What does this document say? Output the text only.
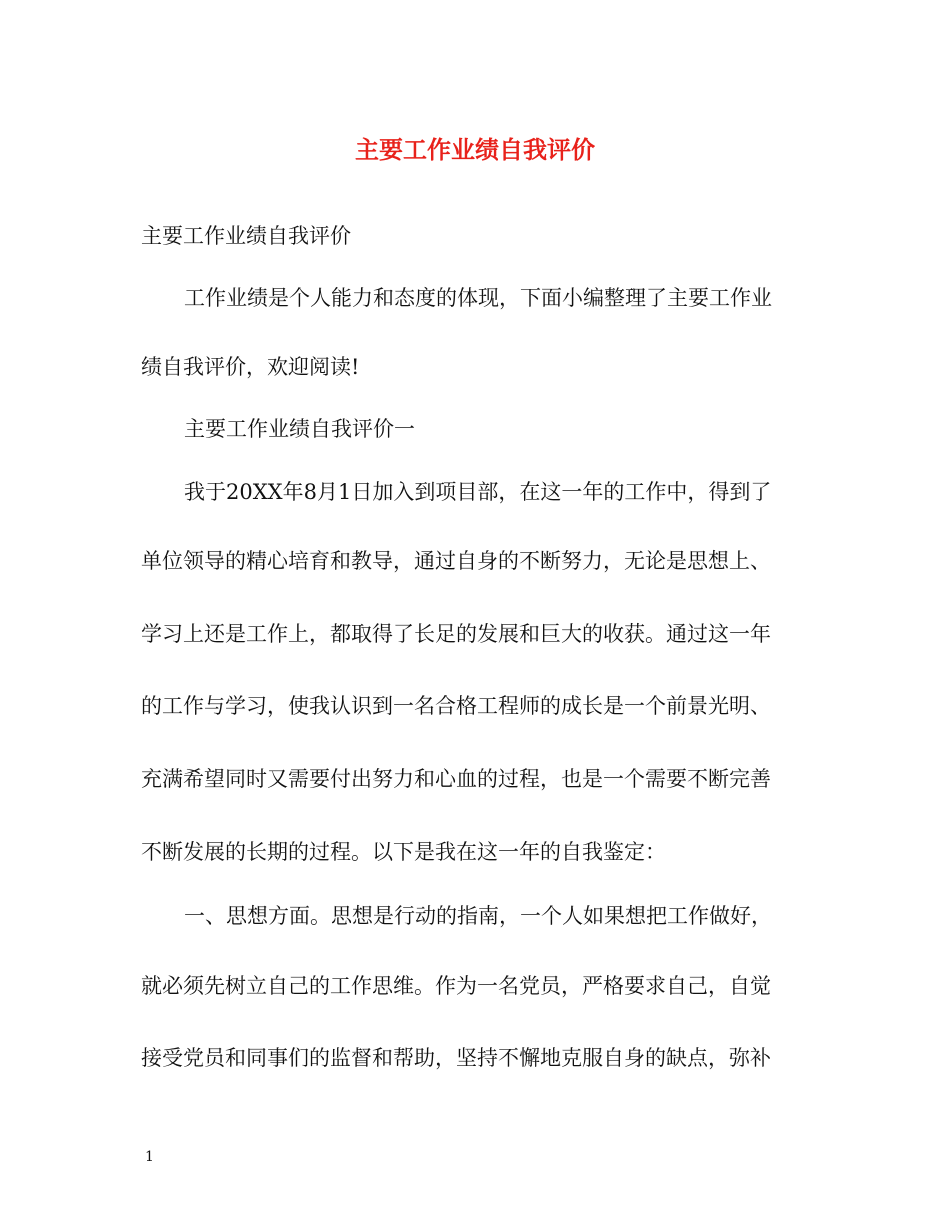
主要工作业绩自我评价

主要工作业绩自我评价

工作业绩是个人能力和态度的体现，下面小编整理了主要工作业

绩自我评价，欢迎阅读!

主要工作业绩自我评价一

我于20XX年8月1日加入到项目部，在这一年的工作中，得到了

单位领导的精心培育和教导，通过自身的不断努力，无论是思想上、

学习上还是工作上，都取得了长足的发展和巨大的收获。通过这一年

的工作与学习，使我认识到一名合格工程师的成长是一个前景光明、

充满希望同时又需要付出努力和心血的过程，也是一个需要不断完善

不断发展的长期的过程。以下是我在这一年的自我鉴定：

一、思想方面。思想是行动的指南，一个人如果想把工作做好，

就必须先树立自己的工作思维。作为一名党员，严格要求自己，自觉

接受党员和同事们的监督和帮助，坚持不懈地克服自身的缺点，弥补

1
